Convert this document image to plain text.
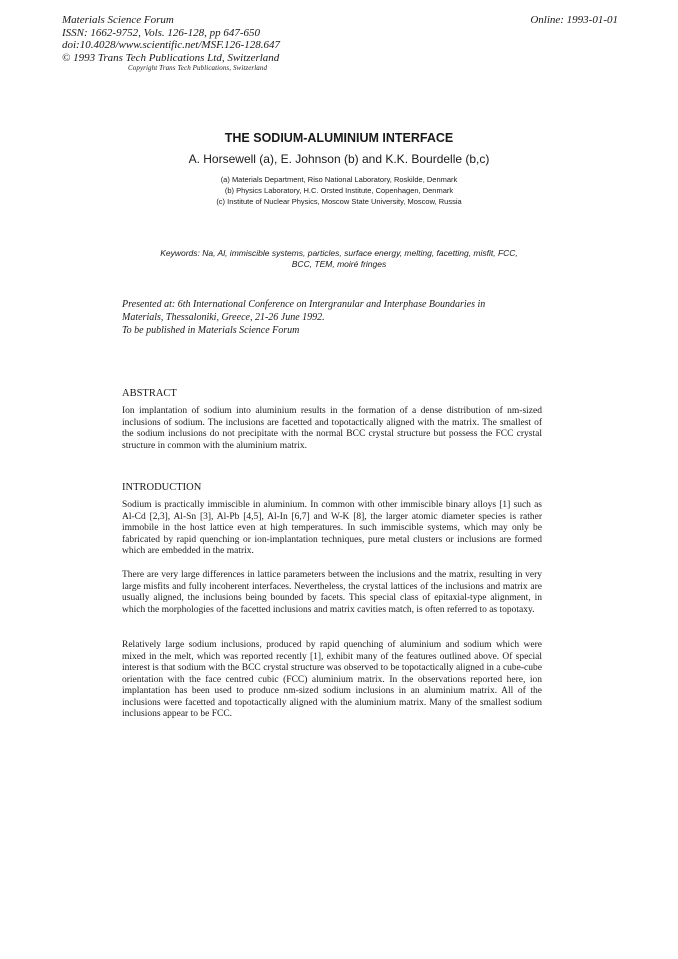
Materials Science Forum
ISSN: 1662-9752, Vols. 126-128, pp 647-650
doi:10.4028/www.scientific.net/MSF.126-128.647
© 1993 Trans Tech Publications Ltd, Switzerland
Online: 1993-01-01
Copyright Trans Tech Publications, Switzerland
THE SODIUM-ALUMINIUM INTERFACE
A. Horsewell (a), E. Johnson (b) and K.K. Bourdelle (b,c)
(a) Materials Department, Riso National Laboratory, Roskilde, Denmark
(b) Physics Laboratory, H.C. Orsted Institute, Copenhagen, Denmark
(c) Institute of Nuclear Physics, Moscow State University, Moscow, Russia
Keywords: Na, Al, immiscible systems, particles, surface energy, melting, facetting, misfit, FCC,
BCC, TEM, moiré fringes
Presented at: 6th International Conference on Intergranular and Interphase Boundaries in
Materials, Thessaloniki, Greece, 21-26 June 1992.
To be published in Materials Science Forum
ABSTRACT

Ion implantation of sodium into aluminium results in the formation of a dense distribution of nm-sized inclusions of sodium. The inclusions are facetted and topotactically aligned with the matrix. The smallest of the sodium inclusions do not precipitate with the normal BCC crystal structure but possess the FCC crystal structure in common with the aluminium matrix.

INTRODUCTION

Sodium is practically immiscible in aluminium. In common with other immiscible binary alloys [1] such as Al-Cd [2,3], Al-Sn [3], Al-Pb [4,5], Al-In [6,7] and W-K [8], the larger atomic diameter species is rather immobile in the host lattice even at high temperatures. In such immiscible systems, which may only be fabricated by rapid quenching or ion-implantation techniques, pure metal clusters or inclusions are formed which are embedded in the matrix.

There are very large differences in lattice parameters between the inclusions and the matrix, resulting in very large misfits and fully incoherent interfaces. Nevertheless, the crystal lattices of the inclusions and matrix are usually aligned, the inclusions being bounded by facets. This special class of epitaxial-type alignment, in which the morphologies of the facetted inclusions and matrix cavities match, is often referred to as topotaxy.

Relatively large sodium inclusions, produced by rapid quenching of aluminium and sodium which were mixed in the melt, which was reported recently [1], exhibit many of the features outlined above. Of special interest is that sodium with the BCC crystal structure was observed to be topotactically aligned in a cube-cube orientation with the face centred cubic (FCC) aluminium matrix. In the observations reported here, ion implantation has been used to produce nm-sized sodium inclusions in an aluminium matrix. All of the inclusions were facetted and topotactically aligned with the aluminium matrix. Many of the smallest sodium inclusions appear to be FCC.
